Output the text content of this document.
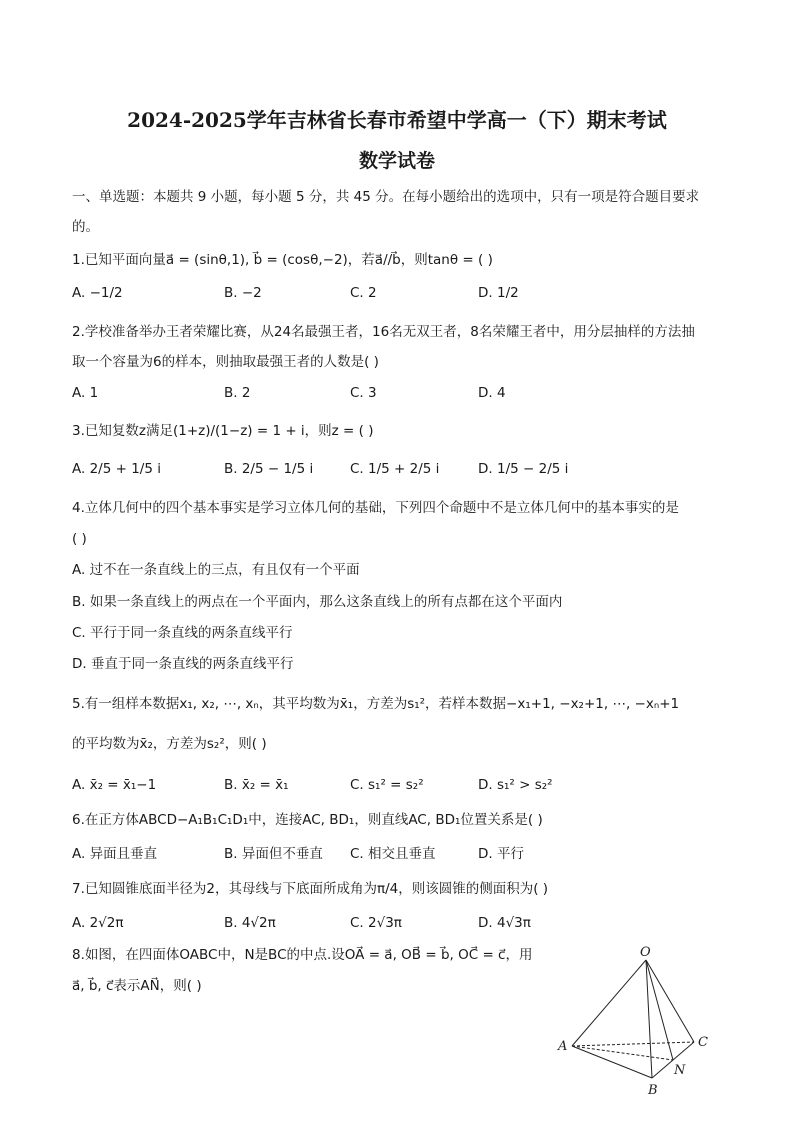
2024-2025学年吉林省长春市希望中学高一（下）期末考试
数学试卷
一、单选题：本题共 9 小题，每小题 5 分，共 45 分。在每小题给出的选项中，只有一项是符合题目要求
的。
1.已知平面向量a⃗ = (sinθ,1), b⃗ = (cosθ,−2)，若a⃗//b⃗，则tanθ = ( )
A. −1/2	B. −2	C. 2	D. 1/2
2.学校准备举办王者荣耀比赛，从24名最强王者，16名无双王者，8名荣耀王者中，用分层抽样的方法抽
取一个容量为6的样本，则抽取最强王者的人数是( )
A. 1	B. 2	C. 3	D. 4
3.已知复数z满足(1+z)/(1−z) = 1 + i，则z = ( )
A. 2/5 + 1/5 i	B. 2/5 − 1/5 i	C. 1/5 + 2/5 i	D. 1/5 − 2/5 i
4.立体几何中的四个基本事实是学习立体几何的基础，下列四个命题中不是立体几何中的基本事实的是
( )
A. 过不在一条直线上的三点，有且仅有一个平面
B. 如果一条直线上的两点在一个平面内，那么这条直线上的所有点都在这个平面内
C. 平行于同一条直线的两条直线平行
D. 垂直于同一条直线的两条直线平行
5.有一组样本数据x₁, x₂, ⋯, xₙ，其平均数为x̄₁，方差为s₁²，若样本数据−x₁+1, −x₂+1, ⋯, −xₙ+1
的平均数为x̄₂，方差为s₂²，则( )
A. x̄₂ = x̄₁−1	B. x̄₂ = x̄₁	C. s₁² = s₂²	D. s₁² > s₂²
6.在正方体ABCD−A₁B₁C₁D₁中，连接AC, BD₁，则直线AC, BD₁位置关系是( )
A. 异面且垂直	B. 异面但不垂直 C. 相交且垂直	D. 平行
7.已知圆锥底面半径为2，其母线与下底面所成角为π/4，则该圆锥的侧面积为( )
A. 2√2π	B. 4√2π	C. 2√3π	D. 4√3π
8.如图，在四面体OABC中，N是BC的中点.设OA⃗ = a⃗, OB⃗ = b⃗, OC⃗ = c⃗，用
a⃗, b⃗, c⃗表示AN⃗，则( )
O
A
B
C
N
